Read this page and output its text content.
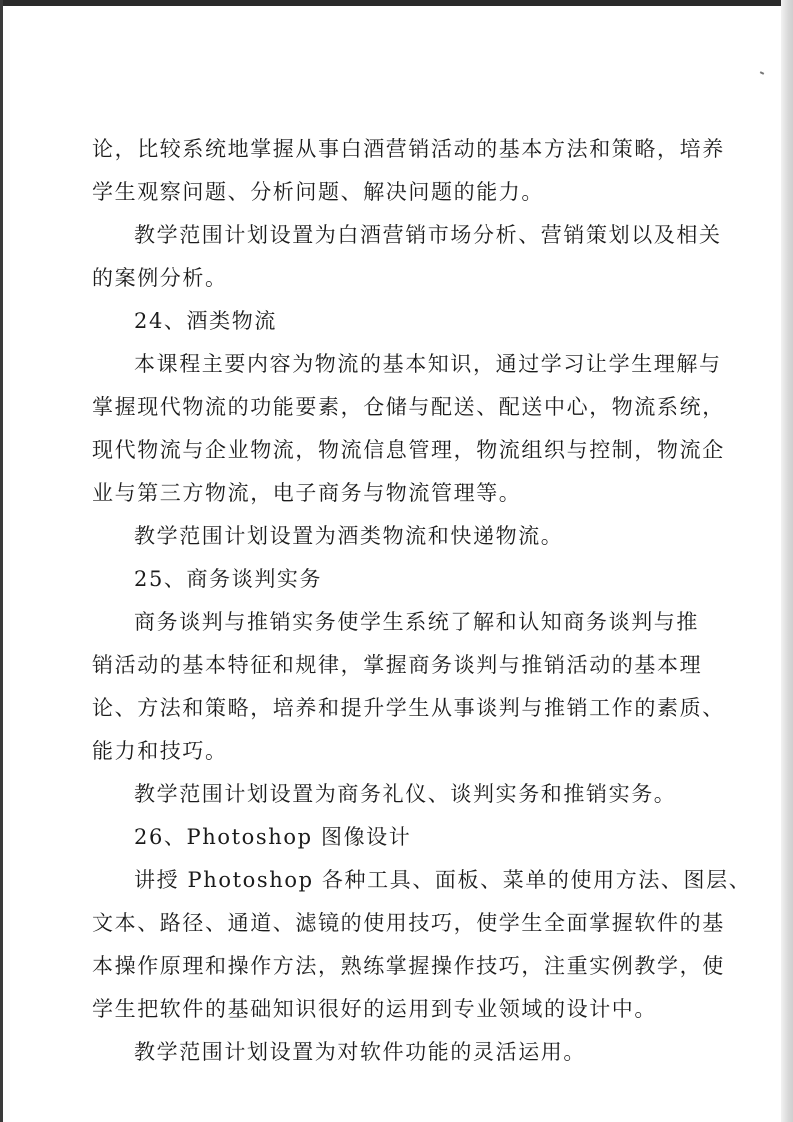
论，比较系统地掌握从事白酒营销活动的基本方法和策略，培养
学生观察问题、分析问题、解决问题的能力。
教学范围计划设置为白酒营销市场分析、营销策划以及相关
的案例分析。
24、酒类物流
本课程主要内容为物流的基本知识，通过学习让学生理解与
掌握现代物流的功能要素，仓储与配送、配送中心，物流系统，
现代物流与企业物流，物流信息管理，物流组织与控制，物流企
业与第三方物流，电子商务与物流管理等。
教学范围计划设置为酒类物流和快递物流。
25、商务谈判实务
商务谈判与推销实务使学生系统了解和认知商务谈判与推
销活动的基本特征和规律，掌握商务谈判与推销活动的基本理
论、方法和策略，培养和提升学生从事谈判与推销工作的素质、
能力和技巧。
教学范围计划设置为商务礼仪、谈判实务和推销实务。
26、Photoshop 图像设计
讲授 Photoshop 各种工具、面板、菜单的使用方法、图层、
文本、路径、通道、滤镜的使用技巧，使学生全面掌握软件的基
本操作原理和操作方法，熟练掌握操作技巧，注重实例教学，使
学生把软件的基础知识很好的运用到专业领域的设计中。
教学范围计划设置为对软件功能的灵活运用。
